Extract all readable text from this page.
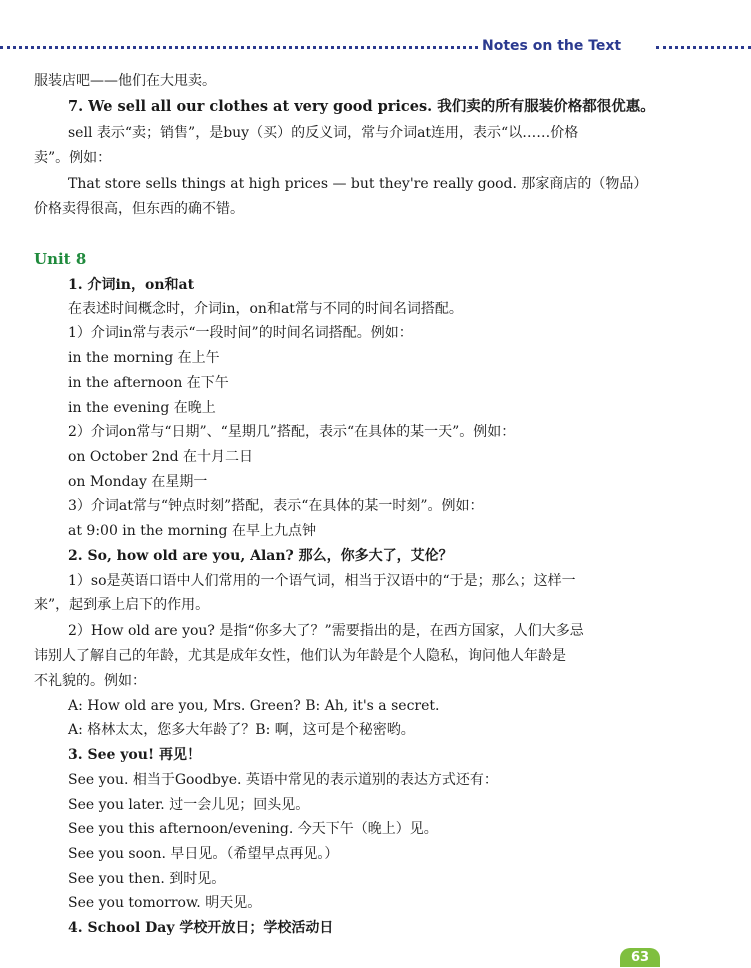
Notes on the Text
服装店吧——他们在大甩卖。
7. We sell all our clothes at very good prices. 我们卖的所有服装价格都很优惠。
sell 表示“卖；销售”，是buy（买）的反义词，常与介词at连用，表示“以……价格
卖”。例如：
That store sells things at high prices — but they're really good. 那家商店的（物品）
价格卖得很高，但东西的确不错。
Unit 8
1. 介词in，on和at
在表述时间概念时，介词in，on和at常与不同的时间名词搭配。
1）介词in常与表示“一段时间”的时间名词搭配。例如：
in the morning 在上午
in the afternoon 在下午
in the evening 在晚上
2）介词on常与“日期”、“星期几”搭配，表示“在具体的某一天”。例如：
on October 2nd 在十月二日
on Monday 在星期一
3）介词at常与“钟点时刻”搭配，表示“在具体的某一时刻”。例如：
at 9:00 in the morning 在早上九点钟
2. So, how old are you, Alan? 那么，你多大了，艾伦？
1）so是英语口语中人们常用的一个语气词，相当于汉语中的“于是；那么；这样一
来”，起到承上启下的作用。
2）How old are you? 是指“你多大了？”需要指出的是，在西方国家，人们大多忌
讳别人了解自己的年龄，尤其是成年女性，他们认为年龄是个人隐私，询问他人年龄是
不礼貌的。例如：
A: How old are you, Mrs. Green? B: Ah, it's a secret.
A: 格林太太，您多大年龄了？B: 啊，这可是个秘密哟。
3. See you! 再见！
See you. 相当于Goodbye. 英语中常见的表示道别的表达方式还有：
See you later. 过一会儿见；回头见。
See you this afternoon/evening. 今天下午（晚上）见。
See you soon. 早日见。（希望早点再见。）
See you then. 到时见。
See you tomorrow. 明天见。
4. School Day 学校开放日；学校活动日
63
